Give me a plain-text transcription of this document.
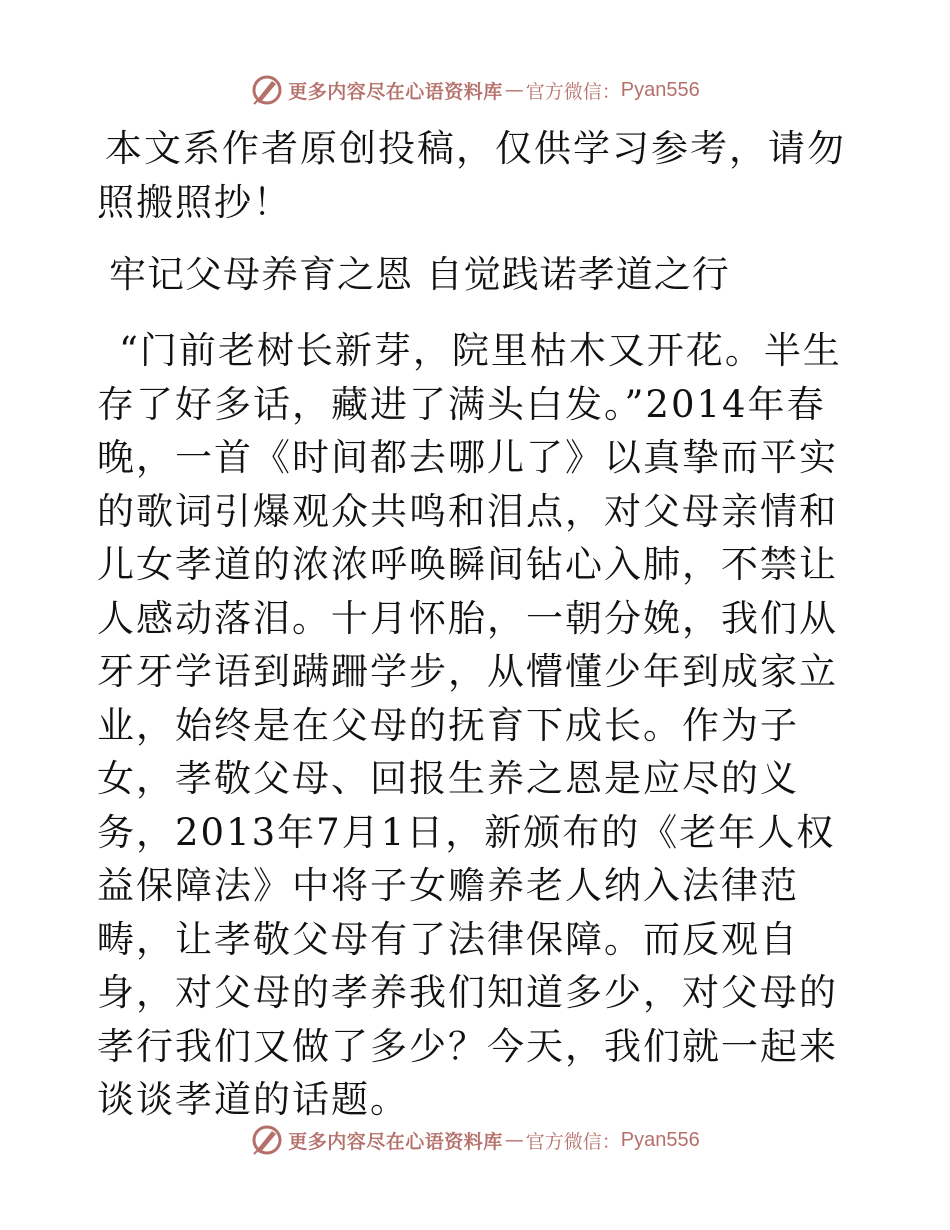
更多内容尽在心语资料库 — 官方微信： Pyan556

本文系作者原创投稿，仅供学习参考，请勿照搬照抄！

牢记父母养育之恩 自觉践诺孝道之行

“门前老树长新芽，院里枯木又开花。半生存了好多话，藏进了满头白发。”2014年春晚，一首《时间都去哪儿了》以真挚而平实的歌词引爆观众共鸣和泪点，对父母亲情和儿女孝道的浓浓呼唤瞬间钻心入肺，不禁让人感动落泪。十月怀胎，一朝分娩，我们从牙牙学语到蹒跚学步，从懵懂少年到成家立业，始终是在父母的抚育下成长。作为子女，孝敬父母、回报生养之恩是应尽的义务，2013年7月1日，新颁布的《老年人权益保障法》中将子女赡养老人纳入法律范畴，让孝敬父母有了法律保障。而反观自身，对父母的孝养我们知道多少，对父母的孝行我们又做了多少？今天，我们就一起来谈谈孝道的话题。

更多内容尽在心语资料库 — 官方微信： Pyan556
